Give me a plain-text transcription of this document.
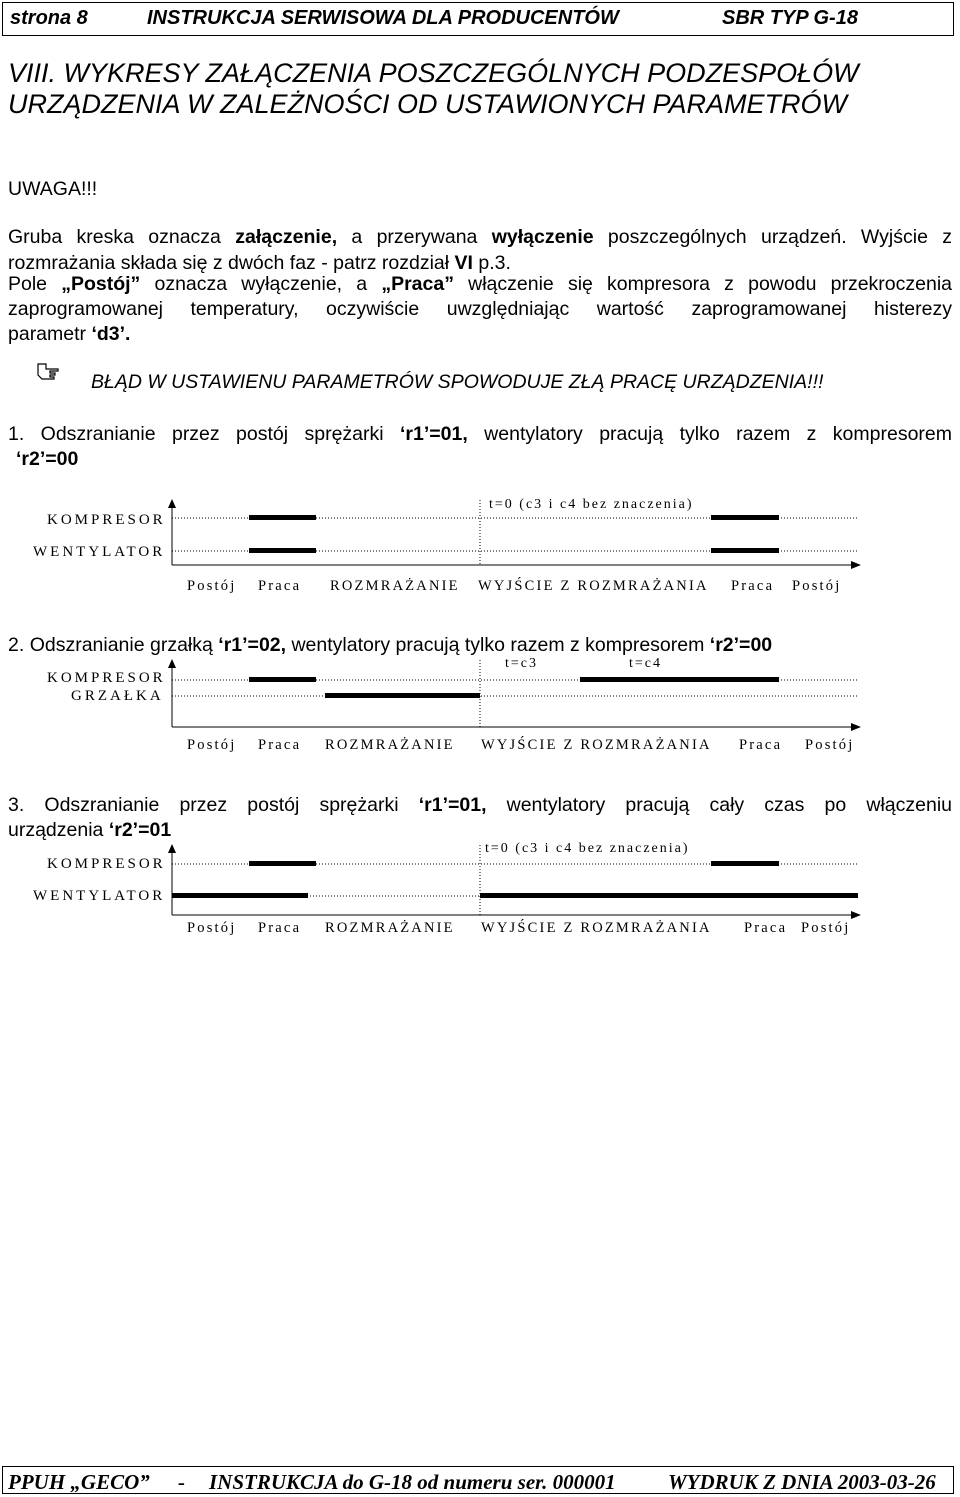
strona 8	INSTRUKCJA SERWISOWA DLA PRODUCENTÓW	SBR TYP G-18
VIII. WYKRESY ZAŁĄCZENIA POSZCZEGÓLNYCH PODZESPOŁÓW
URZĄDZENIA W ZALEŻNOŚCI OD USTAWIONYCH PARAMETRÓW
UWAGA!!!
Gruba kreska oznacza załączenie, a przerywana wyłączenie poszczególnych urządzeń. Wyjście z
rozmrażania składa się z dwóch faz - patrz rozdział VI p.3.
Pole „Postój” oznacza wyłączenie, a „Praca” włączenie się kompresora z powodu przekroczenia
zaprogramowanej temperatury, oczywiście uwzględniając wartość zaprogramowanej histerezy
parametr ‘d3’.
BŁĄD W USTAWIENU PARAMETRÓW SPOWODUJE ZŁĄ PRACĘ URZĄDZENIA!!!
1. Odszranianie przez postój sprężarki ‘r1’=01, wentylatory pracują tylko razem z kompresorem
‘r2’=00
KOMPRESOR
WENTYLATOR
t=0 (c3 i c4 bez znaczenia)
Postój Praca ROZMRAŻANIE WYJŚCIE Z ROZMRAŻANIA Praca Postój
2. Odszranianie grzałką ‘r1’=02, wentylatory pracują tylko razem z kompresorem ‘r2’=00
KOMPRESOR
GRZAŁKA
t=c3	t=c4
Postój Praca ROZMRAŻANIE WYJŚCIE Z ROZMRAŻANIA Praca Postój
3. Odszranianie przez postój sprężarki ‘r1’=01, wentylatory pracują cały czas po włączeniu
urządzenia ‘r2’=01
KOMPRESOR
WENTYLATOR
t=0 (c3 i c4 bez znaczenia)
Postój Praca ROZMRAŻANIE WYJŚCIE Z ROZMRAŻANIA Praca Postój
PPUH „GECO” - INSTRUKCJA do G-18 od numeru ser. 000001 WYDRUK Z DNIA 2003-03-26
